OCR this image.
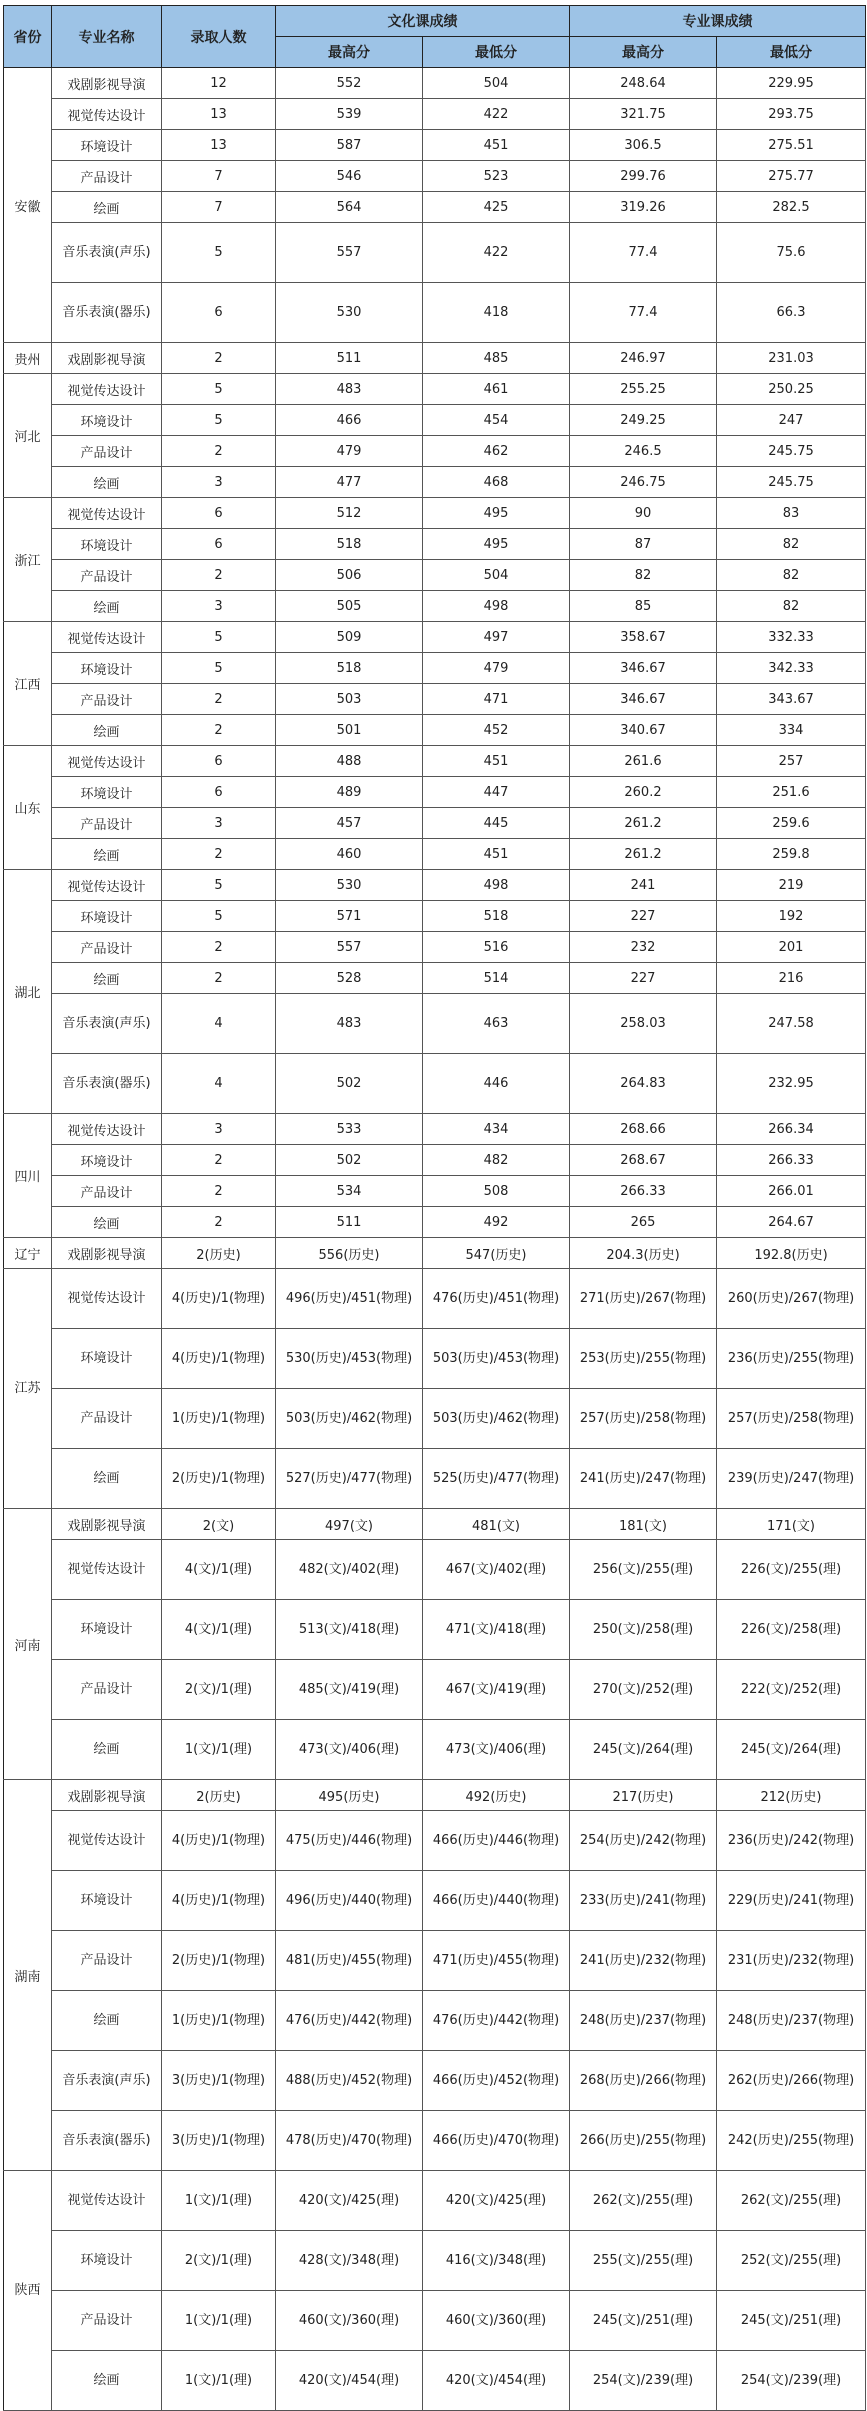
省份	专业名称	录取人数	文化课成绩		专业课成绩	
			最高分	最低分	最高分	最低分
安徽	戏剧影视导演	12	552	504	248.64	229.95
	视觉传达设计	13	539	422	321.75	293.75
	环境设计	13	587	451	306.5	275.51
	产品设计	7	546	523	299.76	275.77
	绘画	7	564	425	319.26	282.5
	音乐表演(声乐)	5	557	422	77.4	75.6
	音乐表演(器乐)	6	530	418	77.4	66.3
贵州	戏剧影视导演	2	511	485	246.97	231.03
河北	视觉传达设计	5	483	461	255.25	250.25
	环境设计	5	466	454	249.25	247
	产品设计	2	479	462	246.5	245.75
	绘画	3	477	468	246.75	245.75
浙江	视觉传达设计	6	512	495	90	83
	环境设计	6	518	495	87	82
	产品设计	2	506	504	82	82
	绘画	3	505	498	85	82
江西	视觉传达设计	5	509	497	358.67	332.33
	环境设计	5	518	479	346.67	342.33
	产品设计	2	503	471	346.67	343.67
	绘画	2	501	452	340.67	334
山东	视觉传达设计	6	488	451	261.6	257
	环境设计	6	489	447	260.2	251.6
	产品设计	3	457	445	261.2	259.6
	绘画	2	460	451	261.2	259.8
湖北	视觉传达设计	5	530	498	241	219
	环境设计	5	571	518	227	192
	产品设计	2	557	516	232	201
	绘画	2	528	514	227	216
	音乐表演(声乐)	4	483	463	258.03	247.58
	音乐表演(器乐)	4	502	446	264.83	232.95
四川	视觉传达设计	3	533	434	268.66	266.34
	环境设计	2	502	482	268.67	266.33
	产品设计	2	534	508	266.33	266.01
	绘画	2	511	492	265	264.67
辽宁	戏剧影视导演	2(历史)	556(历史)	547(历史)	204.3(历史)	192.8(历史)
江苏	视觉传达设计	4(历史)/1(物理)	496(历史)/451(物理)	476(历史)/451(物理)	271(历史)/267(物理)	260(历史)/267(物理)
	环境设计	4(历史)/1(物理)	530(历史)/453(物理)	503(历史)/453(物理)	253(历史)/255(物理)	236(历史)/255(物理)
	产品设计	1(历史)/1(物理)	503(历史)/462(物理)	503(历史)/462(物理)	257(历史)/258(物理)	257(历史)/258(物理)
	绘画	2(历史)/1(物理)	527(历史)/477(物理)	525(历史)/477(物理)	241(历史)/247(物理)	239(历史)/247(物理)
河南	戏剧影视导演	2(文)	497(文)	481(文)	181(文)	171(文)
	视觉传达设计	4(文)/1(理)	482(文)/402(理)	467(文)/402(理)	256(文)/255(理)	226(文)/255(理)
	环境设计	4(文)/1(理)	513(文)/418(理)	471(文)/418(理)	250(文)/258(理)	226(文)/258(理)
	产品设计	2(文)/1(理)	485(文)/419(理)	467(文)/419(理)	270(文)/252(理)	222(文)/252(理)
	绘画	1(文)/1(理)	473(文)/406(理)	473(文)/406(理)	245(文)/264(理)	245(文)/264(理)
湖南	戏剧影视导演	2(历史)	495(历史)	492(历史)	217(历史)	212(历史)
	视觉传达设计	4(历史)/1(物理)	475(历史)/446(物理)	466(历史)/446(物理)	254(历史)/242(物理)	236(历史)/242(物理)
	环境设计	4(历史)/1(物理)	496(历史)/440(物理)	466(历史)/440(物理)	233(历史)/241(物理)	229(历史)/241(物理)
	产品设计	2(历史)/1(物理)	481(历史)/455(物理)	471(历史)/455(物理)	241(历史)/232(物理)	231(历史)/232(物理)
	绘画	1(历史)/1(物理)	476(历史)/442(物理)	476(历史)/442(物理)	248(历史)/237(物理)	248(历史)/237(物理)
	音乐表演(声乐)	3(历史)/1(物理)	488(历史)/452(物理)	466(历史)/452(物理)	268(历史)/266(物理)	262(历史)/266(物理)
	音乐表演(器乐)	3(历史)/1(物理)	478(历史)/470(物理)	466(历史)/470(物理)	266(历史)/255(物理)	242(历史)/255(物理)
陕西	视觉传达设计	1(文)/1(理)	420(文)/425(理)	420(文)/425(理)	262(文)/255(理)	262(文)/255(理)
	环境设计	2(文)/1(理)	428(文)/348(理)	416(文)/348(理)	255(文)/255(理)	252(文)/255(理)
	产品设计	1(文)/1(理)	460(文)/360(理)	460(文)/360(理)	245(文)/251(理)	245(文)/251(理)
	绘画	1(文)/1(理)	420(文)/454(理)	420(文)/454(理)	254(文)/239(理)	254(文)/239(理)
